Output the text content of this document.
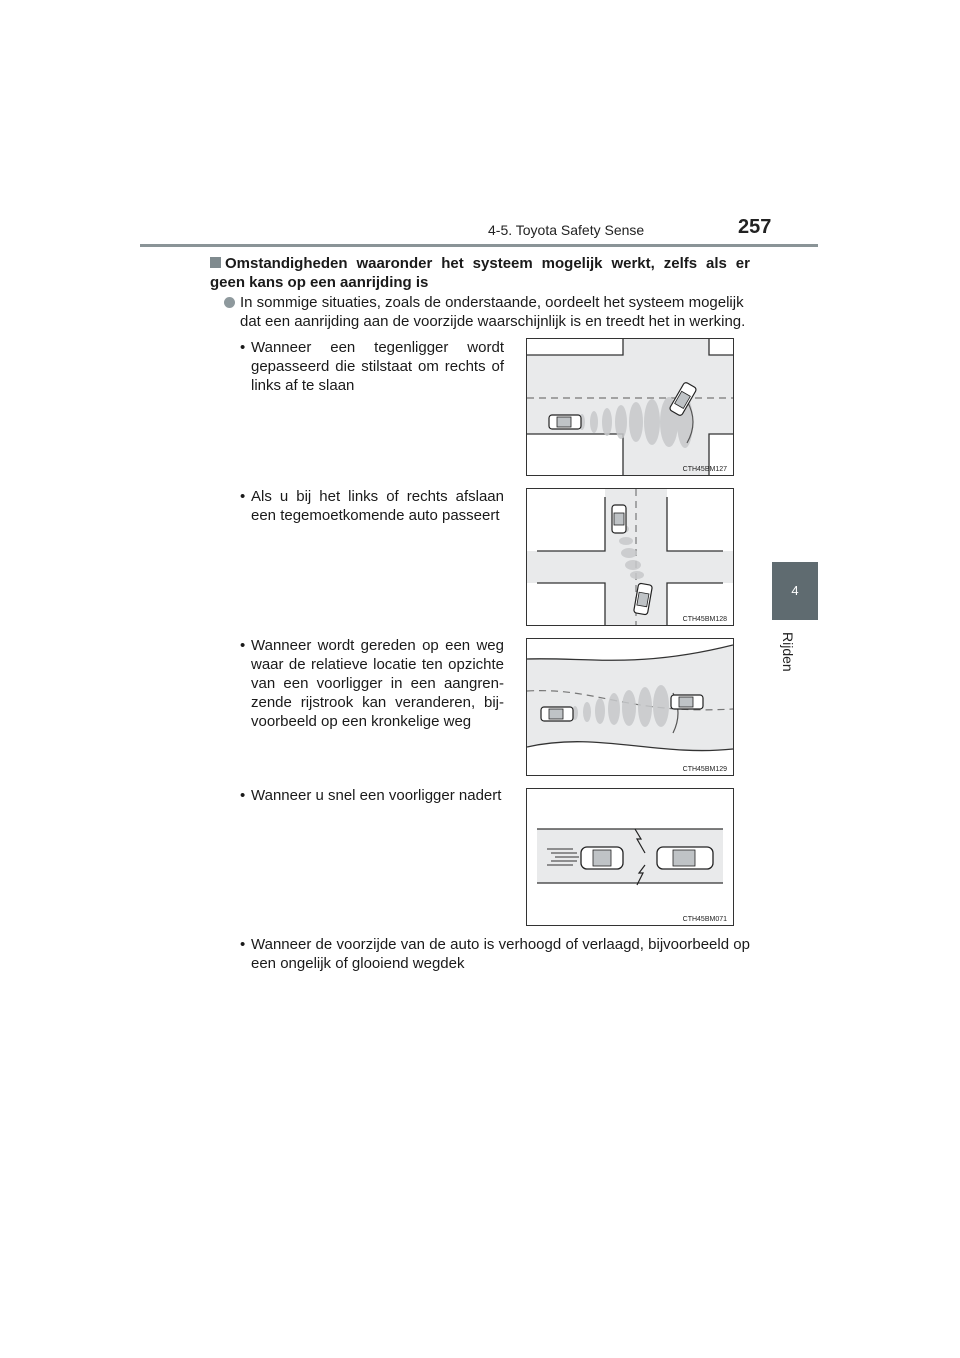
4-5. Toyota Safety Sense	257
4
Rijden
Omstandigheden waaronder het systeem mogelijk werkt, zelfs als er geen kans op een aanrijding is
In sommige situaties, zoals de onderstaande, oordeelt het systeem mogelijk dat een aanrijding aan de voorzijde waarschijnlijk is en treedt het in werking.
• Wanneer een tegenligger wordt gepasseerd die stilstaat om rechts of links af te slaan
CTH45BM127
• Als u bij het links of rechts afslaan een tegemoetkomende auto passeert
CTH45BM128
• Wanneer wordt gereden op een weg waar de relatieve locatie ten opzichte van een voorligger in een aangren-zende rijstrook kan veranderen, bij-voorbeeld op een kronkelige weg
CTH45BM129
• Wanneer u snel een voorligger nadert
CTH45BM071
• Wanneer de voorzijde van de auto is verhoogd of verlaagd, bijvoorbeeld op een ongelijk of glooiend wegdek
